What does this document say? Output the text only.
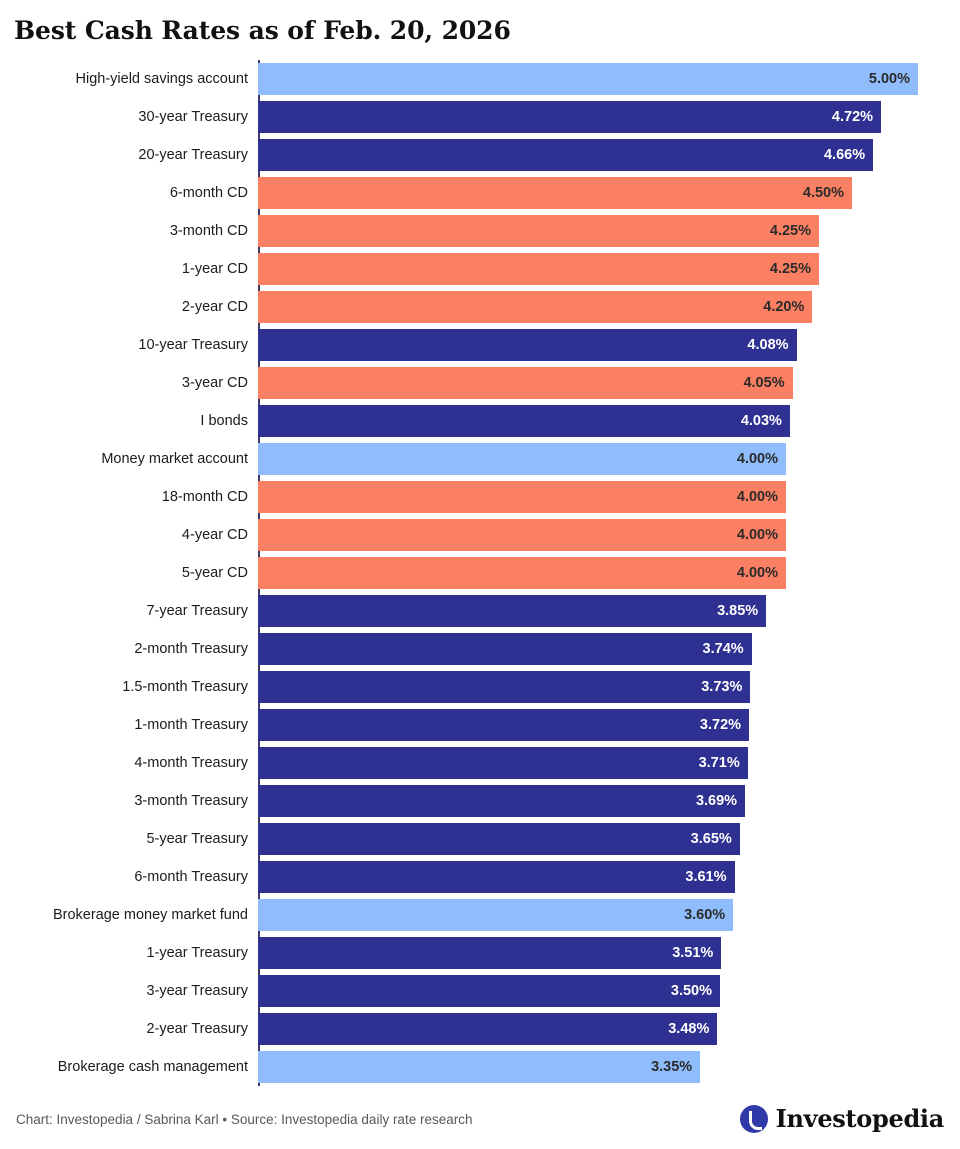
Best Cash Rates as of Feb. 20, 2026
High-yield savings account	5.00%
30-year Treasury	4.72%
20-year Treasury	4.66%
6-month CD	4.50%
3-month CD	4.25%
1-year CD	4.25%
2-year CD	4.20%
10-year Treasury	4.08%
3-year CD	4.05%
I bonds	4.03%
Money market account	4.00%
18-month CD	4.00%
4-year CD	4.00%
5-year CD	4.00%
7-year Treasury	3.85%
2-month Treasury	3.74%
1.5-month Treasury	3.73%
1-month Treasury	3.72%
4-month Treasury	3.71%
3-month Treasury	3.69%
5-year Treasury	3.65%
6-month Treasury	3.61%
Brokerage money market fund	3.60%
1-year Treasury	3.51%
3-year Treasury	3.50%
2-year Treasury	3.48%
Brokerage cash management	3.35%
Chart: Investopedia / Sabrina Karl • Source: Investopedia daily rate research	Investopedia
